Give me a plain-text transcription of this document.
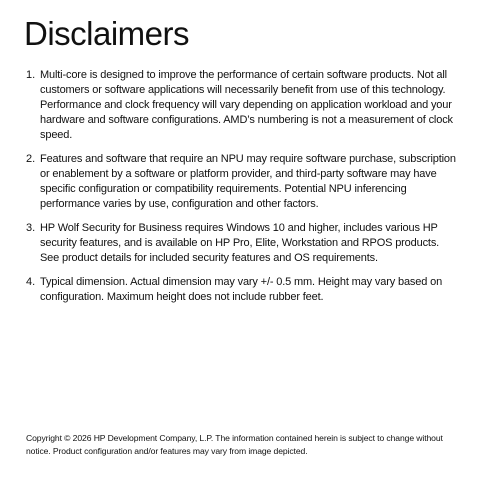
Disclaimers
1. Multi-core is designed to improve the performance of certain software products. Not all customers or software applications will necessarily benefit from use of this technology. Performance and clock frequency will vary depending on application workload and your hardware and software configurations. AMD’s numbering is not a measurement of clock speed.
2. Features and software that require an NPU may require software purchase, subscription or enablement by a software or platform provider, and third-party software may have specific configuration or compatibility requirements. Potential NPU inferencing performance varies by use, configuration and other factors.
3. HP Wolf Security for Business requires Windows 10 and higher, includes various HP security features, and is available on HP Pro, Elite, Workstation and RPOS products. See product details for included security features and OS requirements.
4. Typical dimension. Actual dimension may vary +/- 0.5 mm. Height may vary based on configuration. Maximum height does not include rubber feet.

Copyright © 2026 HP Development Company, L.P. The information contained herein is subject to change without notice. Product configuration and/or features may vary from image depicted.
